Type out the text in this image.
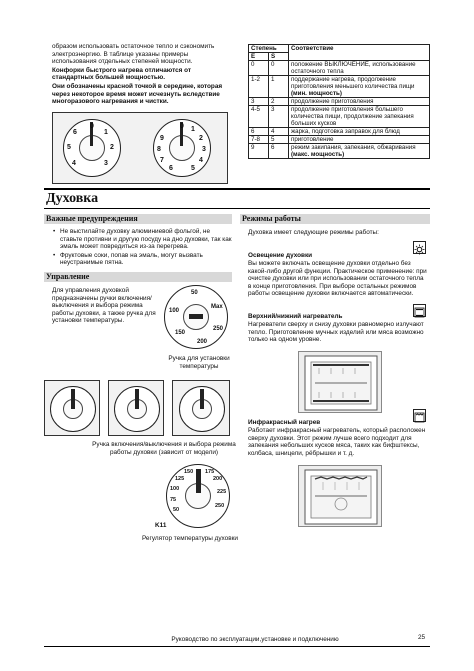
образом использовать остаточное тепло и сэкономить электроэнергию. В таблице указаны примеры использования отдельных степеней мощности.

Конфорки быстрого нагрева отличаются от стандартных большей мощностью.

Они обозначены красной точкой в середине, которая через некоторое время может исчезнуть вследствие многоразового нагревания и чистки.

0
1
2
3
4
5
6
0 1
2
3
4
5
6
7
8
9
Степень		Соответствие
Е	S	
0	0	положение ВЫКЛЮЧЕНИЕ, использование остаточного тепла
1-2	1	поддержание нагрева, продолжение приготовления меньшего количества пищи
(мин. мощность)
3	2	продолжение приготовления
4-5	3	продолжение приготовления большего количества пищи, продолжение запекания больших кусков
6	4	жарка, подготовка заправок для блюд
7-8	5	приготовление
9	6	режим закипания, запекания, обжаривания
(макс. мощность)
Духовка
Важные предупреждения
• Не выстилайте духовку алюминиевой фольгой, не ставьте противни и другую посуду на дно духовки, так как эмаль может повредиться из-за перегрева.
• Фруктовые соки, попав на эмаль, могут вызвать неустранимые пятна.
Управление
Для управления духовкой предназначены ручки включения/выключения и выбора режима работы духовки, а также ручка для установки температуры.
50
100
150
200
250
Max
Ручка для установки температуры
Ручка включения/выключения и выбора режима работы духовки (зависит от модели)
50
75
100
125
150 175
200
225
250
K11
Регулятор температуры духовки
Режимы работы
Духовка имеет следующие режимы работы:
Освещение духовки
Вы можете включать освещение духовки отдельно без какой-либо другой функции. Практическое применение: при очистке духовки или при использовании остаточного тепла в конце приготовления. При выборе остальных режимов работы освещение духовки включается автоматически.
Верхний/нижний нагреватель
Нагреватели сверху и снизу духовки равномерно излучают тепло. Приготовление мучных изделий или мяса возможно только на одном уровне.
Инфракрасный нагрев
Работает инфракрасный нагреватель, который расположен сверху духовки. Этот режим лучше всего подходит для запекания небольших кусков мяса, таких как бифштексы, колбаса, шницели, рёбрышки и т. д.
Руководство по эксплуатации,установке и подключению	25
